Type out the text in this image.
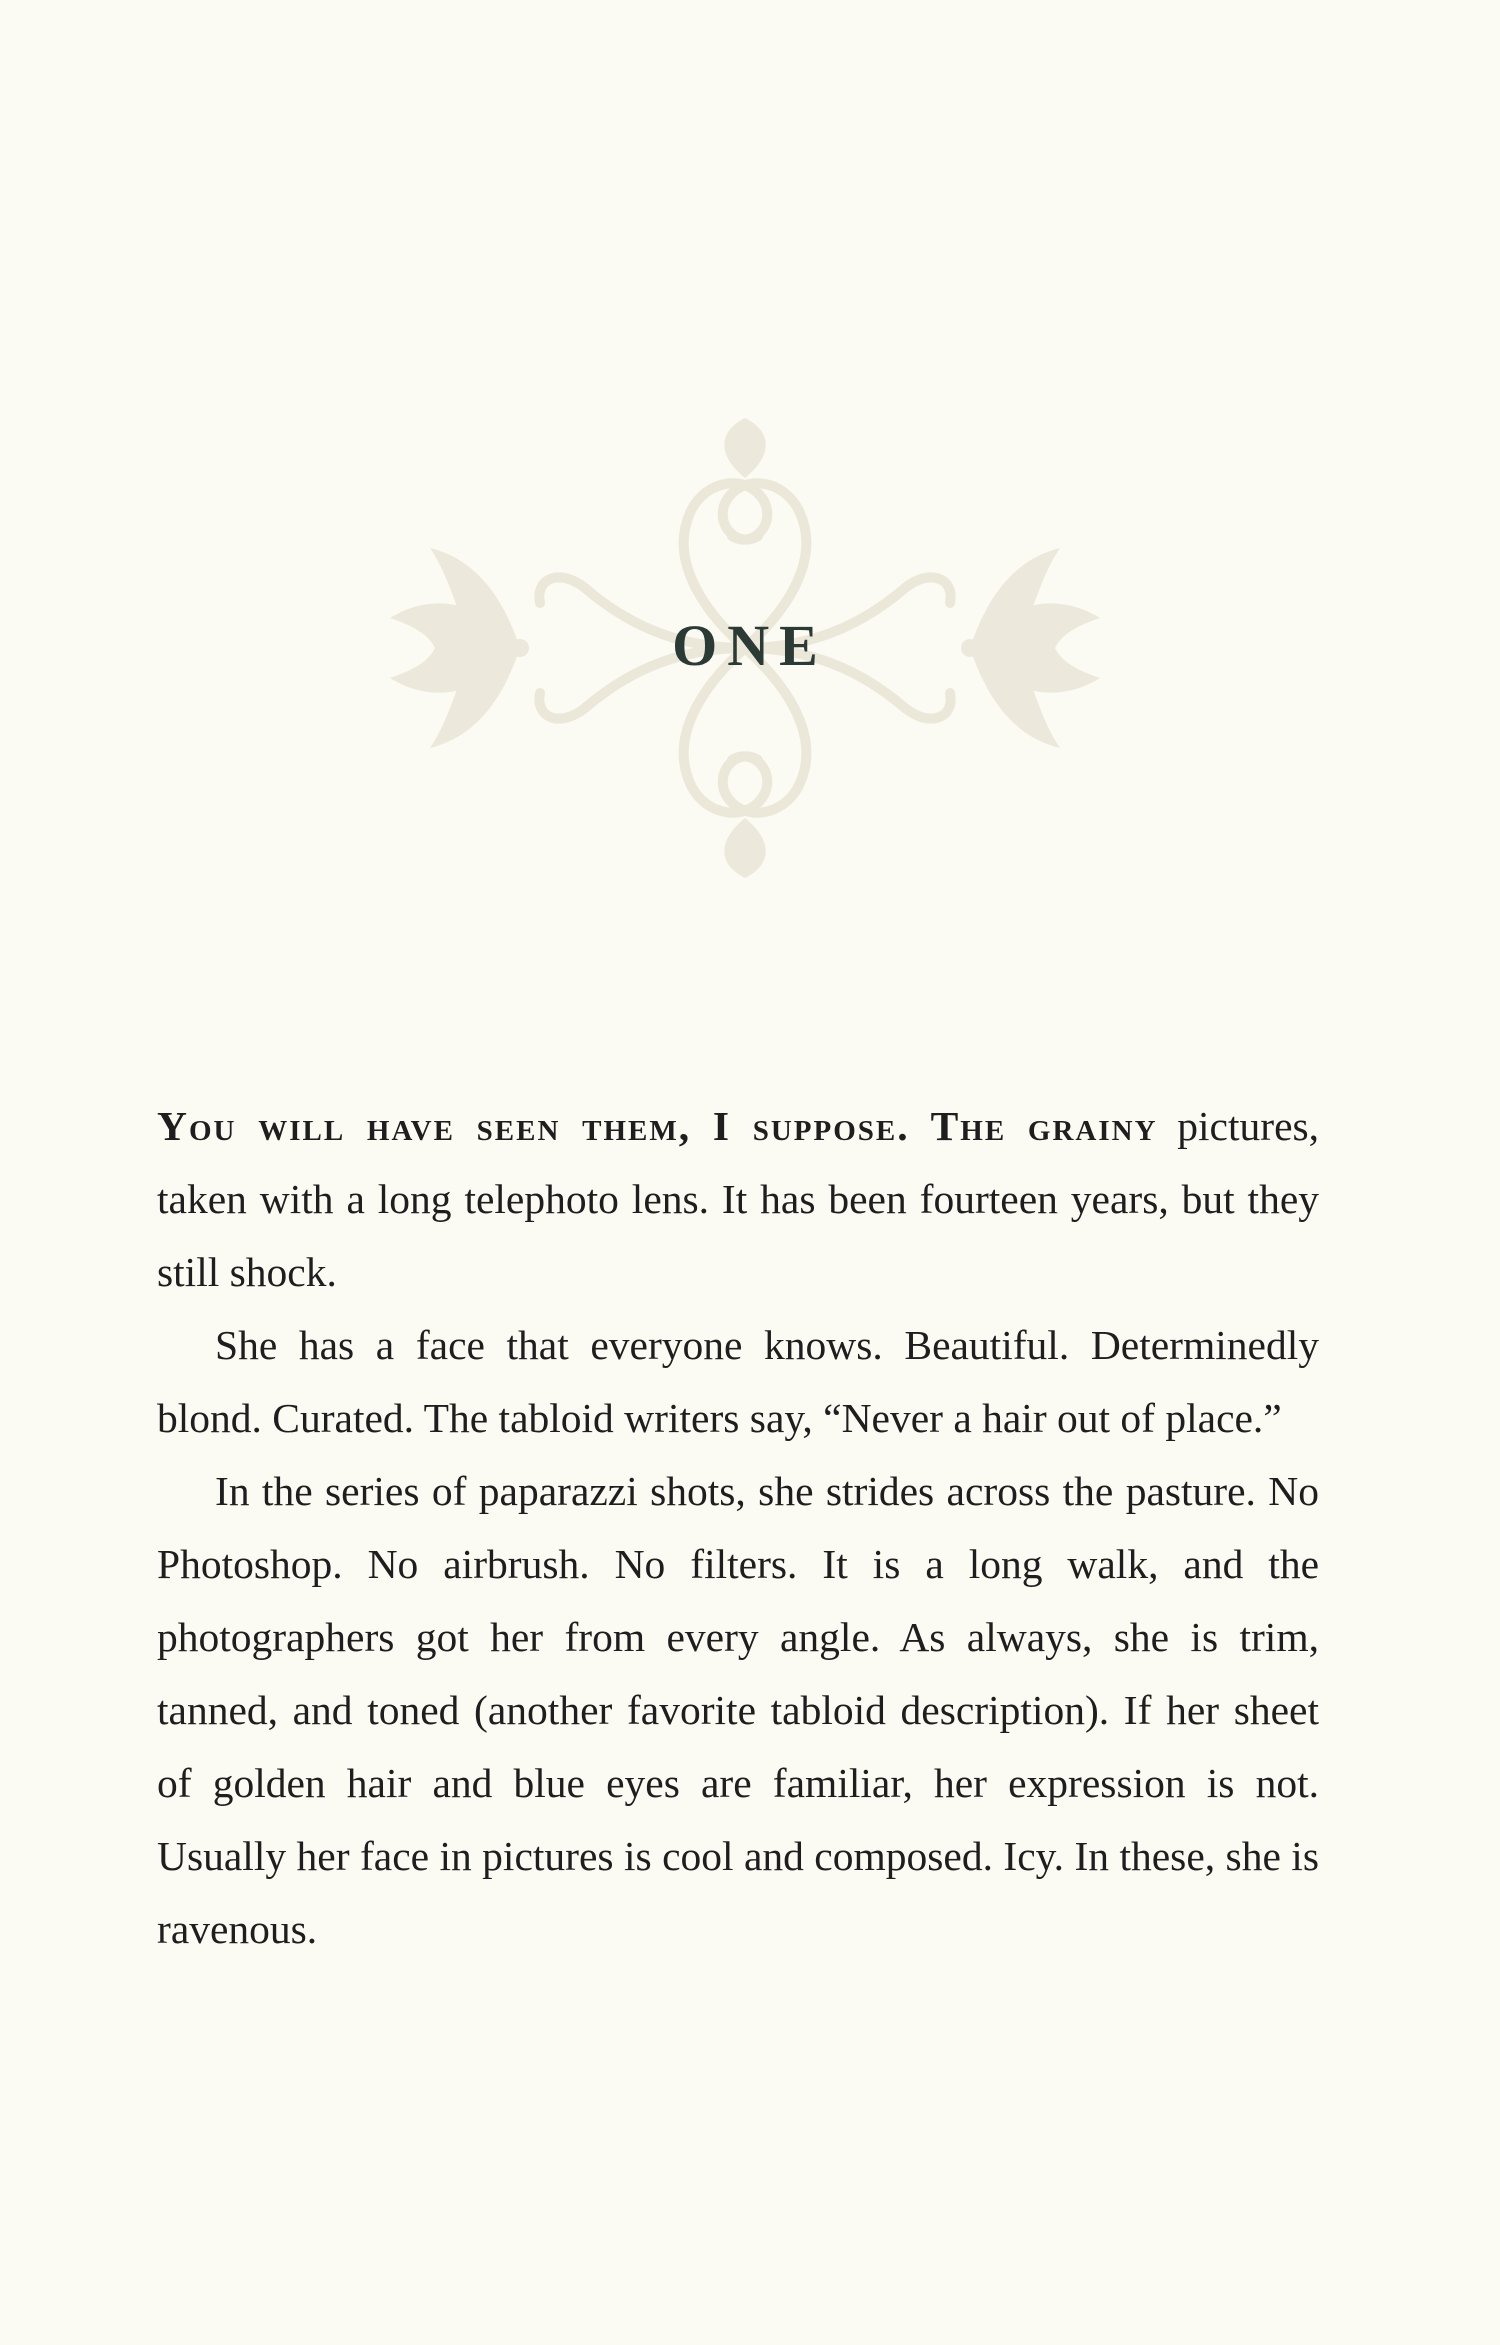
ONE

You will have seen them, I suppose. The grainy pictures, taken with a long telephoto lens. It has been fourteen years, but they still shock.

She has a face that everyone knows. Beautiful. Determinedly blond. Curated. The tabloid writers say, “Never a hair out of place.”

In the series of paparazzi shots, she strides across the pasture. No Photoshop. No airbrush. No filters. It is a long walk, and the photographers got her from every angle. As always, she is trim, tanned, and toned (another favorite tabloid description). If her sheet of golden hair and blue eyes are familiar, her expression is not. Usually her face in pictures is cool and composed. Icy. In these, she is ravenous.
